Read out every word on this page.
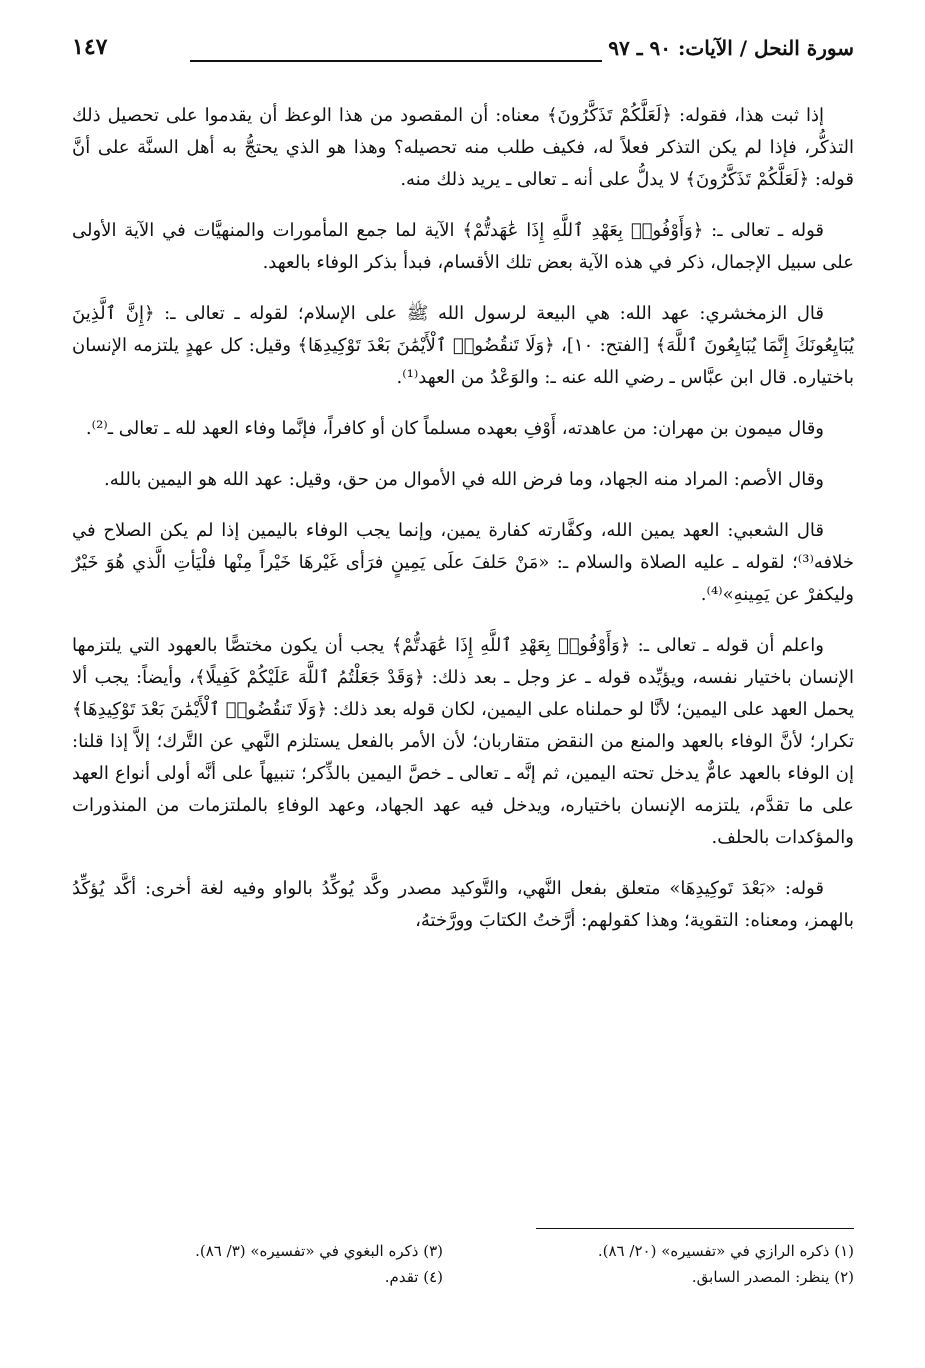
سورة النحل / الآيات: ٩٠ ـ ٩٧
١٤٧

إذا ثبت هذا، فقوله: ﴿لَعَلَّكُمْ تَذَكَّرُونَ﴾ معناه: أن المقصود من هذا الوعظ أن يقدموا على تحصيل ذلك التذكُّر، فإذا لم يكن التذكر فعلاً له، فكيف طلب منه تحصيله؟ وهذا هو الذي يحتجُّ به أهل السنَّة على أنَّ قوله: ﴿لَعَلَّكُمْ تَذَكَّرُونَ﴾ لا يدلُّ على أنه ـ تعالى ـ يريد ذلك منه.

قوله ـ تعالى ـ: ﴿وَأَوْفُوا۟ بِعَهْدِ ٱللَّهِ إِذَا عَٰهَدتُّمْ﴾ الآية لما جمع المأمورات والمنهيَّات في الآية الأولى على سبيل الإجمال، ذكر في هذه الآية بعض تلك الأقسام، فبدأ بذكر الوفاء بالعهد.

قال الزمخشري: عهد الله: هي البيعة لرسول الله ﷺ على الإسلام؛ لقوله ـ تعالى ـ: ﴿إِنَّ ٱلَّذِينَ يُبَايِعُونَكَ إِنَّمَا يُبَايِعُونَ ٱللَّهَ﴾ [الفتح: ١٠]، ﴿وَلَا تَنقُضُوا۟ ٱلْأَيْمَٰنَ بَعْدَ تَوْكِيدِهَا﴾ وقيل: كل عهدٍ يلتزمه الإنسان باختياره. قال ابن عبَّاس ـ رضي الله عنه ـ: والوَعْدُ من العهد⁽¹⁾.

وقال ميمون بن مهران: من عاهدته، أَوْفِ بعهده مسلماً كان أو كافراً، فإنَّما وفاء العهد لله ـ تعالى ـ⁽²⁾.

وقال الأصم: المراد منه الجهاد، وما فرض الله في الأموال من حق، وقيل: عهد الله هو اليمين بالله.

قال الشعبي: العهد يمين الله، وكفَّارته كفارة يمين، وإنما يجب الوفاء باليمين إذا لم يكن الصلاح في خلافه⁽³⁾؛ لقوله ـ عليه الصلاة والسلام ـ: «مَنْ حَلفَ علَى يَمِينٍ فرَأى غَيْرهَا خَيْراً مِنْها فلْيَأتِ الَّذي هُوَ خَيْرٌ وليكفرْ عن يَمِينهِ»⁽⁴⁾.

واعلم أن قوله ـ تعالى ـ: ﴿وَأَوْفُوا۟ بِعَهْدِ ٱللَّهِ إِذَا عَٰهَدتُّمْ﴾ يجب أن يكون مختصًّا بالعهود التي يلتزمها الإنسان باختيار نفسه، ويؤيِّده قوله ـ عز وجل ـ بعد ذلك: ﴿وَقَدْ جَعَلْتُمُ ٱللَّهَ عَلَيْكُمْ كَفِيلًا﴾، وأيضاً: يجب ألا يحمل العهد على اليمين؛ لأنَّا لو حملناه على اليمين، لكان قوله بعد ذلك: ﴿وَلَا تَنقُضُوا۟ ٱلْأَيْمَٰنَ بَعْدَ تَوْكِيدِهَا﴾ تكرار؛ لأنَّ الوفاء بالعهد والمنع من النقض متقاربان؛ لأن الأمر بالفعل يستلزم النَّهي عن التَّرك؛ إلاَّ إذا قلنا: إن الوفاء بالعهد عامٌّ يدخل تحته اليمين، ثم إنَّه ـ تعالى ـ خصَّ اليمين بالذِّكر؛ تنبيهاً على أنَّه أولى أنواع العهد على ما تقدَّم، يلتزمه الإنسان باختياره، ويدخل فيه عهد الجهاد، وعهد الوفاءِ بالملتزمات من المنذورات والمؤكدات بالحلف.

قوله: «بَعْدَ تَوكِيدِهَا» متعلق بفعل النَّهي، والتَّوكيد مصدر وكَّد يُوكِّدُ بالواو وفيه لغة أخرى: أكَّد يُؤكِّدُ بالهمز، ومعناه: التقوية؛ وهذا كقولهم: أرَّختُ الكتابَ وورَّختهُ،

(١) ذكره الرازي في «تفسيره» (٢٠/ ٨٦).
(٣) ذكره البغوي في «تفسيره» (٣/ ٨٦).
(٢) ينظر: المصدر السابق.
(٤) تقدم.
